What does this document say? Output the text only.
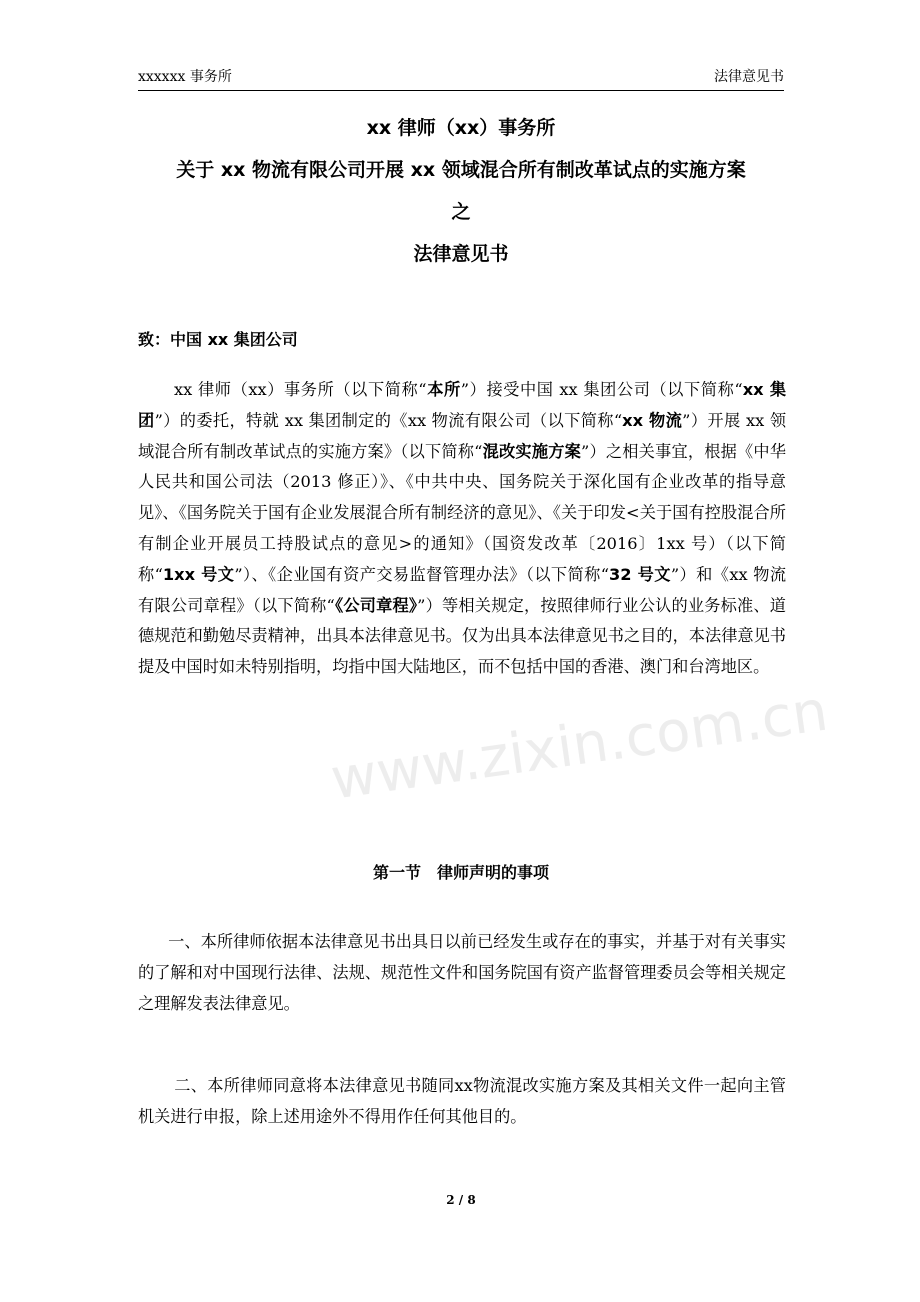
xxxxxx 事务所	法律意见书
xx 律师（xx）事务所
关于 xx 物流有限公司开展 xx 领域混合所有制改革试点的实施方案
之
法律意见书
致：中国 xx 集团公司

xx 律师（xx）事务所（以下简称“本所”）接受中国 xx 集团公司（以下简称“xx 集团”）的委托，特就 xx 集团制定的《xx 物流有限公司（以下简称“xx 物流”）开展 xx 领域混合所有制改革试点的实施方案》（以下简称“混改实施方案”）之相关事宜，根据《中华人民共和国公司法（2013 修正）》、《中共中央、国务院关于深化国有企业改革的指导意见》、《国务院关于国有企业发展混合所有制经济的意见》、《关于印发<关于国有控股混合所有制企业开展员工持股试点的意见>的通知》（国资发改革〔2016〕1xx 号）（以下简称“1xx 号文”）、《企业国有资产交易监督管理办法》（以下简称“32 号文”）和《xx 物流有限公司章程》（以下简称“《公司章程》”）等相关规定，按照律师行业公认的业务标准、道德规范和勤勉尽责精神，出具本法律意见书。仅为出具本法律意见书之目的，本法律意见书提及中国时如未特别指明，均指中国大陆地区，而不包括中国的香港、澳门和台湾地区。

www.zixin.com.cn
第一节　律师声明的事项

一、本所律师依据本法律意见书出具日以前已经发生或存在的事实，并基于对有关事实的了解和对中国现行法律、法规、规范性文件和国务院国有资产监督管理委员会等相关规定之理解发表法律意见。

二、本所律师同意将本法律意见书随同xx物流混改实施方案及其相关文件一起向主管机关进行申报，除上述用途外不得用作任何其他目的。

2 / 8
